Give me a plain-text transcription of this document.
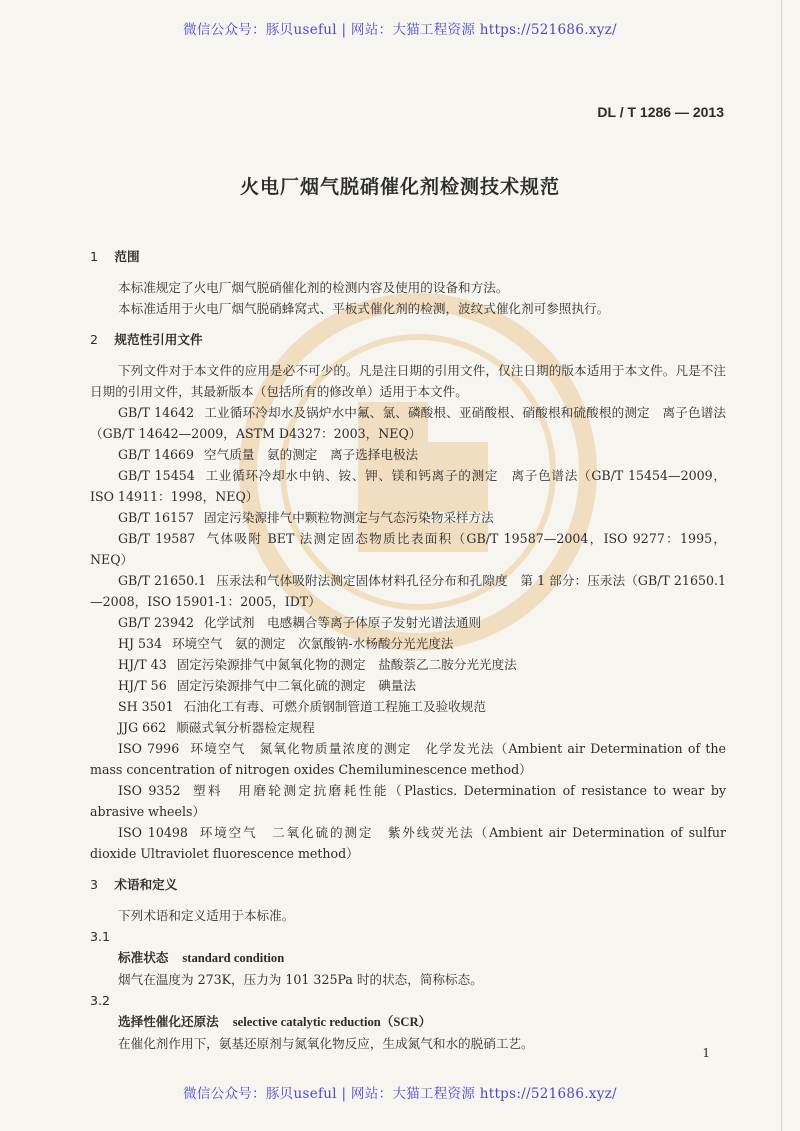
微信公众号：豚贝useful | 网站：大猫工程资源 https://521686.xyz/
DL / T 1286 — 2013
火电厂烟气脱硝催化剂检测技术规范
1 范围
本标准规定了火电厂烟气脱硝催化剂的检测内容及使用的设备和方法。
本标准适用于火电厂烟气脱硝蜂窝式、平板式催化剂的检测，波纹式催化剂可参照执行。
2 规范性引用文件
下列文件对于本文件的应用是必不可少的。凡是注日期的引用文件，仅注日期的版本适用于本文件。凡是不注日期的引用文件，其最新版本（包括所有的修改单）适用于本文件。
GB/T 14642 工业循环冷却水及锅炉水中氟、氯、磷酸根、亚硝酸根、硝酸根和硫酸根的测定　离子色谱法（GB/T 14642—2009，ASTM D4327：2003，NEQ）
GB/T 14669 空气质量　氨的测定　离子选择电极法
GB/T 15454 工业循环冷却水中钠、铵、钾、镁和钙离子的测定　离子色谱法（GB/T 15454—2009，ISO 14911：1998，NEQ）
GB/T 16157 固定污染源排气中颗粒物测定与气态污染物采样方法
GB/T 19587 气体吸附 BET 法测定固态物质比表面积（GB/T 19587—2004，ISO 9277：1995，NEQ）
GB/T 21650.1 压汞法和气体吸附法测定固体材料孔径分布和孔隙度　第 1 部分：压汞法（GB/T 21650.1—2008，ISO 15901-1：2005，IDT）
GB/T 23942 化学试剂　电感耦合等离子体原子发射光谱法通则
HJ 534 环境空气　氨的测定　次氯酸钠-水杨酸分光光度法
HJ/T 43 固定污染源排气中氮氧化物的测定　盐酸萘乙二胺分光光度法
HJ/T 56 固定污染源排气中二氧化硫的测定　碘量法
SH 3501 石油化工有毒、可燃介质钢制管道工程施工及验收规范
JJG 662 顺磁式氧分析器检定规程
ISO 7996 环境空气　氮氧化物质量浓度的测定　化学发光法（Ambient air Determination of the mass concentration of nitrogen oxides Chemiluminescence method）
ISO 9352 塑料　用磨轮测定抗磨耗性能（Plastics. Determination of resistance to wear by abrasive wheels）
ISO 10498 环境空气　二氧化硫的测定　紫外线荧光法（Ambient air Determination of sulfur dioxide Ultraviolet fluorescence method）
3 术语和定义
下列术语和定义适用于本标准。
3.1
标准状态 standard condition
烟气在温度为 273K，压力为 101 325Pa 时的状态，简称标态。
3.2
选择性催化还原法 selective catalytic reduction（SCR）
在催化剂作用下，氨基还原剂与氮氧化物反应，生成氮气和水的脱硝工艺。
1
微信公众号：豚贝useful | 网站：大猫工程资源 https://521686.xyz/
